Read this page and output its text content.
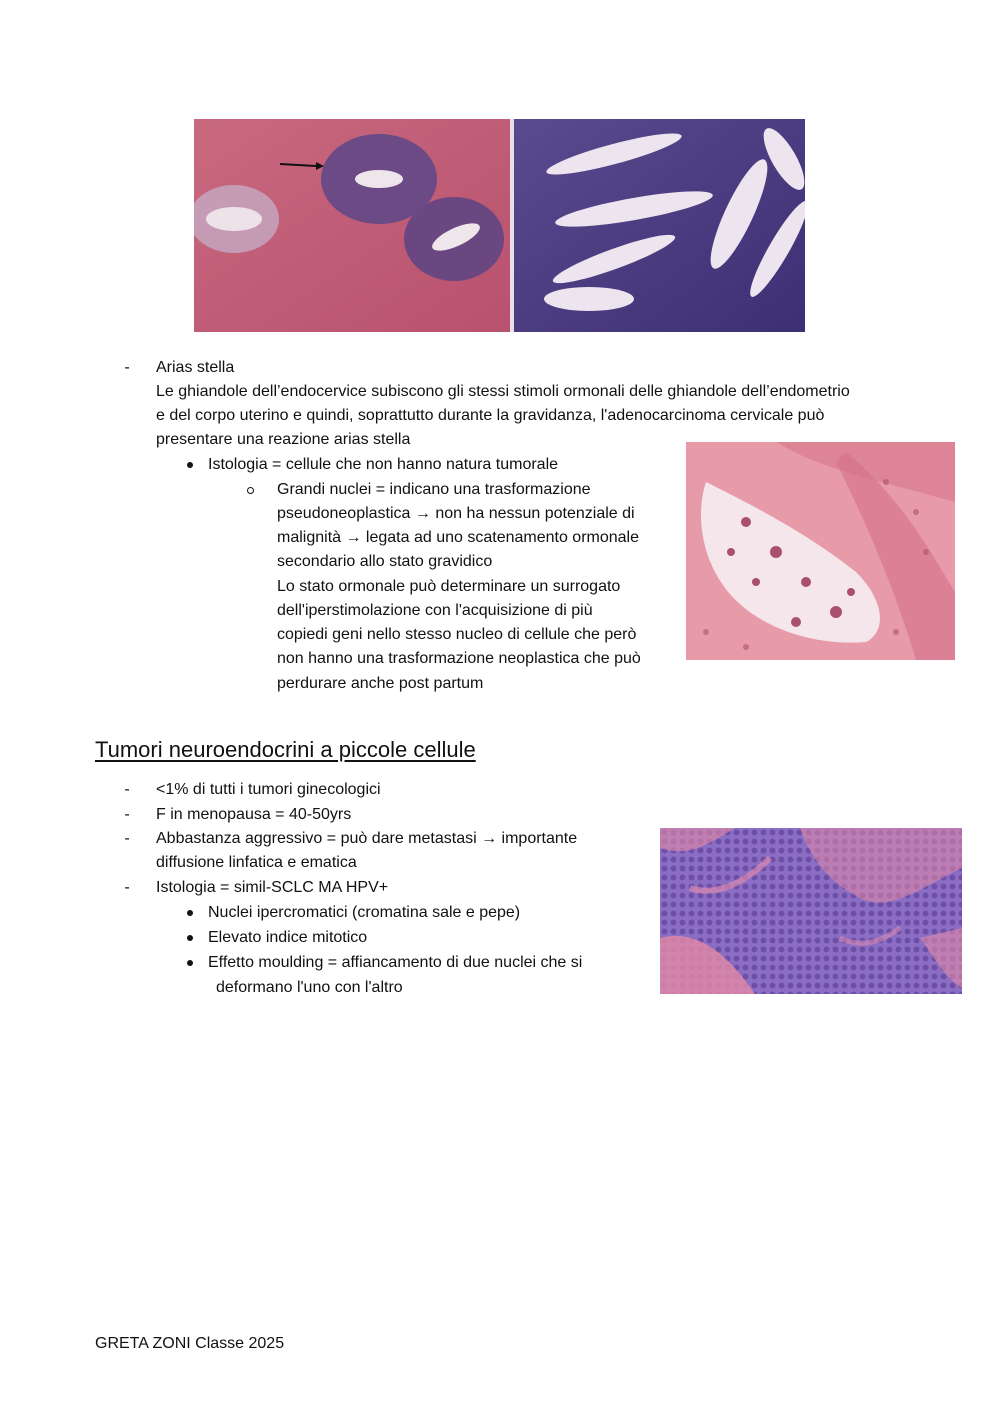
- Arias stella
Le ghiandole dell’endocervice subiscono gli stessi stimoli ormonali delle ghiandole dell’endometrio
e del corpo uterino e quindi, soprattutto durante la gravidanza, l'adenocarcinoma cervicale può
presentare una reazione arias stella
Istologia = cellule che non hanno natura tumorale
Grandi nuclei = indicano una trasformazione
pseudoneoplastica → non ha nessun potenziale di
malignità → legata ad uno scatenamento ormonale
secondario allo stato gravidico
Lo stato ormonale può determinare un surrogato
dell'iperstimolazione con l'acquisizione di più
copiedi geni nello stesso nucleo di cellule che però
non hanno una trasformazione neoplastica che può
perdurare anche post partum
Tumori neuroendocrini a piccole cellule
- <1% di tutti i tumori ginecologici
- F in menopausa = 40-50yrs
- Abbastanza aggressivo = può dare metastasi → importante
diffusione linfatica e ematica
- Istologia = simil-SCLC MA HPV+
Nuclei ipercromatici (cromatina sale e pepe)
Elevato indice mitotico
Effetto moulding = affiancamento di due nuclei che si
deformano l'uno con l'altro
GRETA ZONI Classe 2025
